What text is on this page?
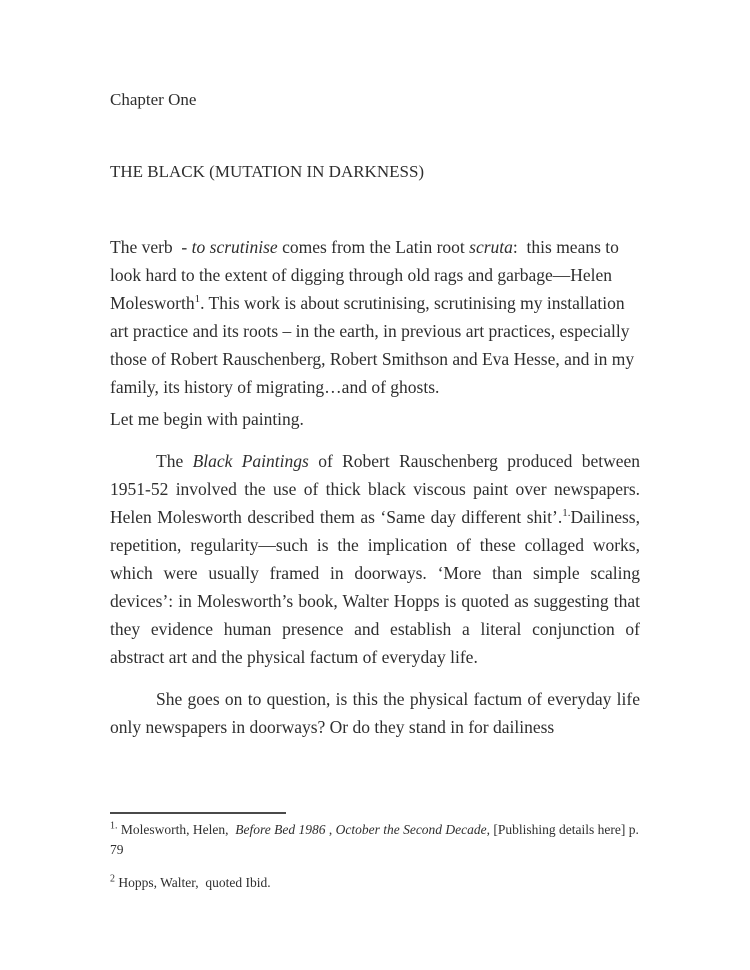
Chapter One

THE BLACK (MUTATION IN DARKNESS)

The verb  - to scrutinise comes from the Latin root scruta:  this means to look hard to the extent of digging through old rags and garbage—Helen Molesworth$^1$. This work is about scrutinising, scrutinising my installation art practice and its roots – in the earth, in previous art practices, especially those of Robert Rauschenberg, Robert Smithson and Eva Hesse, and in my family, its history of migrating…and of ghosts.

Let me begin with painting.

The Black Paintings of Robert Rauschenberg produced between 1951-52 involved the use of thick black viscous paint over newspapers. Helen Molesworth described them as ‘Same day different shit’.$^{1.}$Dailiness, repetition, regularity—such is the implication of these collaged works, which were usually framed in doorways. ‘More than simple scaling devices’: in Molesworth’s book, Walter Hopps is quoted as suggesting that they evidence human presence and establish a literal conjunction of abstract art and the physical factum of everyday life.

She goes on to question, is this the physical factum of everyday life only newspapers in doorways? Or do they stand in for dailiness

$^{1.}$ Molesworth, Helen,  Before Bed 1986 , October the Second Decade, [Publishing details here] p. 79

$^2$ Hopps, Walter,  quoted Ibid.
